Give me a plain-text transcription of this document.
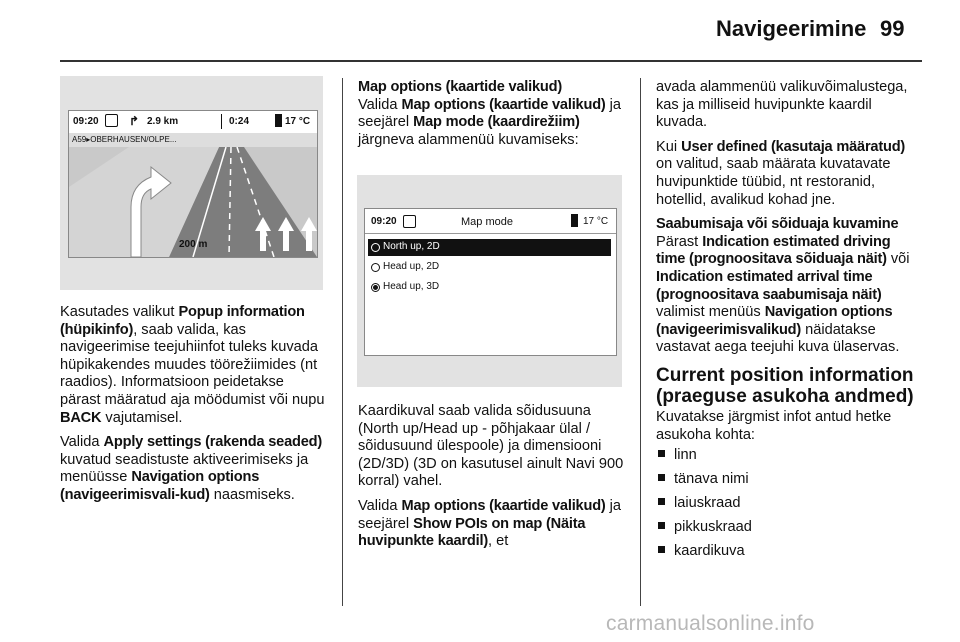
Navigeerimine 99
09:20	↱ 2.9 km	0:24	17 °C
A59▸OBERHAUSEN/OLPE...
200 m

Kasutades valikut Popup information (hüpikinfo), saab valida, kas navigeerimise teejuhiinfot tuleks kuvada hüpikakendes muudes töörežiimides (nt raadios). Informatsioon peidetakse pärast määratud aja möödumist või nupu BACK vajutamisel.

Valida Apply settings (rakenda seaded) kuvatud seadistuste aktiveerimiseks ja menüüsse Navigation options (navigeerimisvali-kud) naasmiseks.

Map options (kaartide valikud)

Valida Map options (kaartide valikud) ja seejärel Map mode (kaardirežiim) järgneva alammenüü kuvamiseks:

09:20	Map mode	17 °C
North up, 2D
Head up, 2D
Head up, 3D

Kaardikuval saab valida sõidusuuna (North up/Head up - põhjakaar ülal / sõidusuund ülespoole) ja dimensiooni (2D/3D) (3D on kasutusel ainult Navi 900 korral) vahel.

Valida Map options (kaartide valikud) ja seejärel Show POIs on map (Näita huvipunkte kaardil), et

avada alammenüü valikuvõimalustega, kas ja milliseid huvipunkte kaardil kuvada.

Kui User defined (kasutaja määratud) on valitud, saab määrata kuvatavate huvipunktide tüübid, nt restoranid, hotellid, avalikud kohad jne.

Saabumisaja või sõiduaja kuvamine

Pärast Indication estimated driving time (prognoositava sõiduaja näit) või Indication estimated arrival time (prognoositava saabumisaja näit) valimist menüüs Navigation options (navigeerimisvalikud) näidatakse vastavat aega teejuhi kuva ülaservas.

Current position information (praeguse asukoha andmed)

Kuvatakse järgmist infot antud hetke asukoha kohta:

linn
tänava nimi
laiuskraad
pikkuskraad
kaardikuva
carmanualsonline.info
